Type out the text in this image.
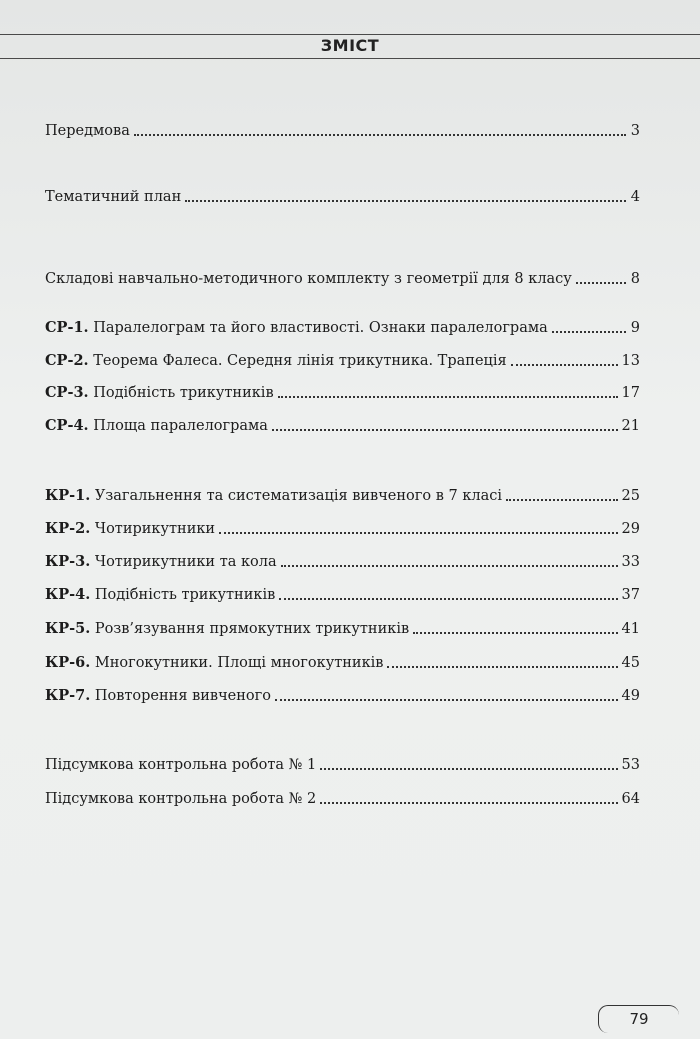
ЗМІСТ
Передмова	3
Тематичний план	4
Складові навчально-методичного комплекту з геометрії для 8 класу	8
СР-1. Паралелограм та його властивості. Ознаки паралелограма	9
СР-2. Теорема Фалеса. Середня лінія трикутника. Трапеція	13
СР-3. Подібність трикутників	17
СР-4. Площа паралелограма	21
КР-1. Узагальнення та систематизація вивченого в 7 класі	25
КР-2. Чотирикутники	29
КР-3. Чотирикутники та кола	33
КР-4. Подібність трикутників	37
КР-5. Розв’язування прямокутних трикутників	41
КР-6. Многокутники. Площі многокутників	45
КР-7. Повторення вивченого	49
Підсумкова контрольна робота № 1	53
Підсумкова контрольна робота № 2	64
79
